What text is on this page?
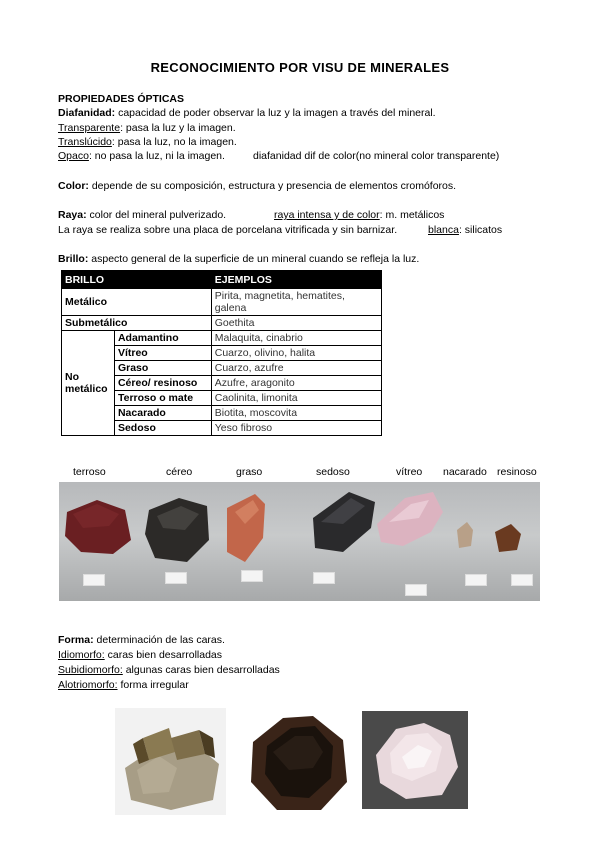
RECONOCIMIENTO POR VISU DE MINERALES
PROPIEDADES ÓPTICAS
Diafanidad: capacidad de poder observar la luz y la imagen a través del mineral.
Transparente: pasa la luz y la imagen.
Translúcido: pasa la luz, no la imagen.
Opaco: no pasa la luz, ni la imagen.	diafanidad dif de color(no mineral color transparente)
Color: depende de su composición, estructura y presencia de elementos cromóforos.
Raya: color del mineral pulverizado.	raya intensa y de color: m. metálicos
La raya se realiza sobre una placa de porcelana vitrificada y sin barnizar.	blanca: silicatos
Brillo: aspecto general de la superficie de un mineral cuando se refleja la luz.
BRILLO		EJEMPLOS
Metálico		Pirita, magnetita, hematites, galena
Submetálico		Goethita
No metálico	Adamantino	Malaquita, cinabrio
	Vítreo	Cuarzo, olivino, halita
	Graso	Cuarzo, azufre
	Céreo/ resinoso	Azufre, aragonito
	Terroso o mate	Caolinita, limonita
	Nacarado	Biotita, moscovita
	Sedoso	Yeso fibroso
terroso	céreo	graso	sedoso	vítreo nacarado resinoso
Forma: determinación de las caras.
Idiomorfo: caras bien desarrolladas
Subidiomorfo: algunas caras bien desarrolladas
Alotriomorfo: forma irregular
